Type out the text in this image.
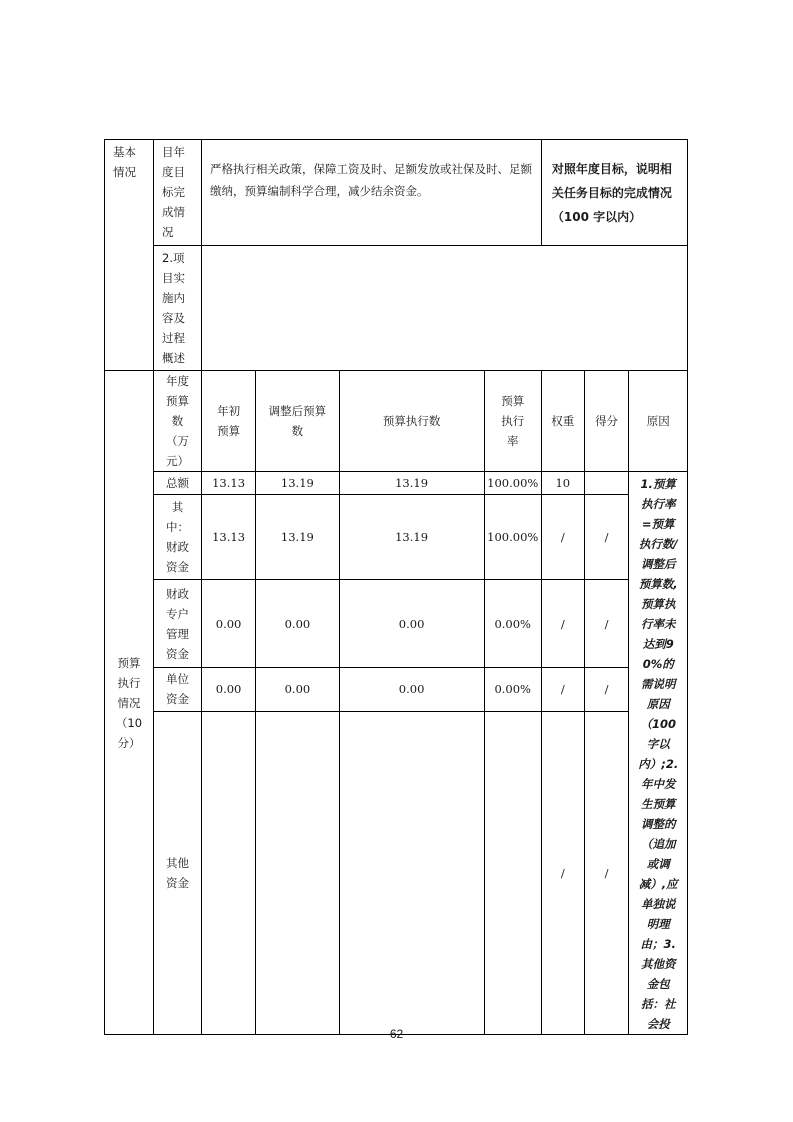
基本情况	目年度目标完成情况	严格执行相关政策，保障工资及时、足额发放或社保及时、足额缴纳，预算编制科学合理，减少结余资金。				对照年度目标，说明相关任务目标的完成情况（100 字以内）		

	2.项目实施内容及过程概述							

预算执行情况（10分）	年度预算数（万元）	年初预算	调整后预算数	预算执行数	预算执行率	权重	得分	原因
	总额	13.13	13.19	13.19	100.00%	10		1.预算执行率=预算执行数/调整后预算数,预算执行率未达到90%的需说明原因（100字以内）;2.年中发生预算调整的（追加或调减）,应单独说明理由；3.其他资金包括：社会投

	其中：财政资金	13.13	13.19	13.19	100.00%	/	/	

	财政专户管理资金	0.00	0.00	0.00	0.00%	/	/	

	单位资金	0.00	0.00	0.00	0.00%	/	/	

	其他资金					/	/	
62
